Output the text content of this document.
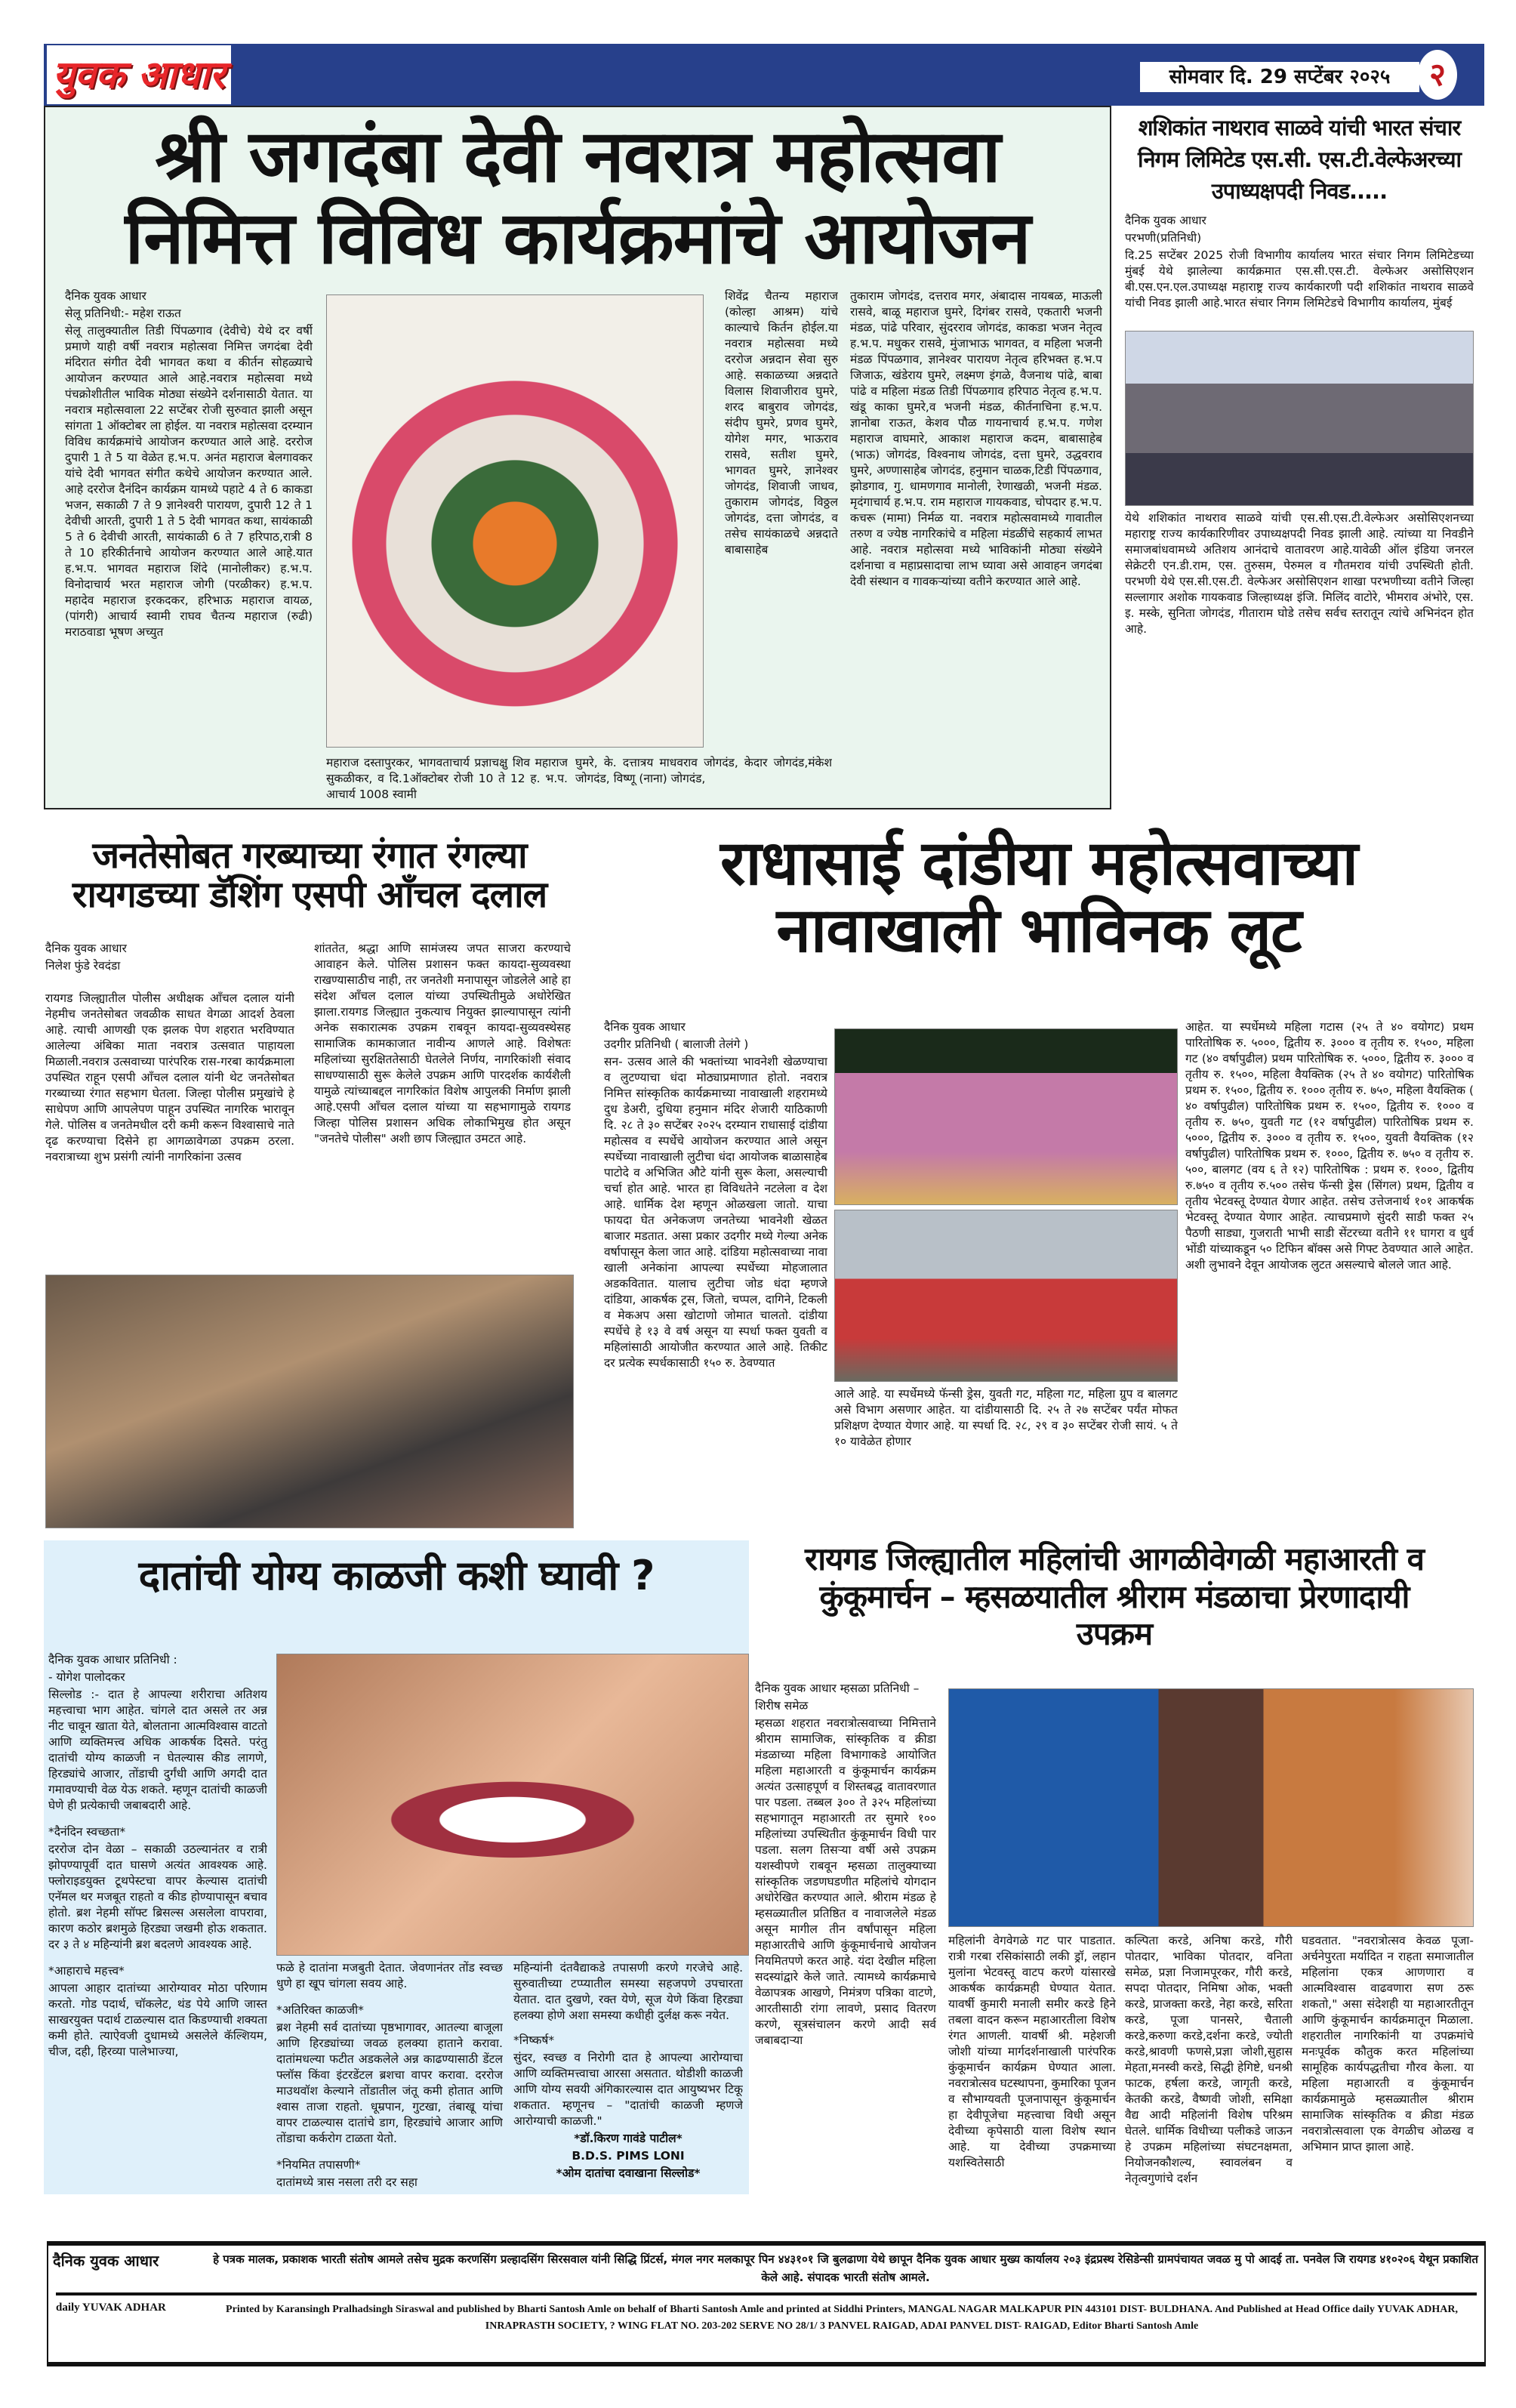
युवक आधार	सोमवार दि. 29 सप्टेंबर २०२५	२
श्री जगदंबा देवी नवरात्र महोत्सवा
निमित्त विविध कार्यक्रमांचे आयोजन

दैनिक युवक आधार

सेलू प्रतिनिधी:- महेश राऊत

सेलू तालुक्यातील तिडी पिंपळगाव (देवीचे) येथे दर वर्षी प्रमाणे याही वर्षी नवरात्र महोत्सवा निमित्त जगदंबा देवी मंदिरात संगीत देवी भागवत कथा व कीर्तन सोहळ्याचे आयोजन करण्यात आले आहे.नवरात्र महोत्सवा मध्ये पंचक्रोशीतील भाविक मोठ्या संख्येने दर्शनासाठी येतात. या नवरात्र महोत्सवाला 22 सप्टेंबर रोजी सुरुवात झाली असून सांगता 1 ऑक्टोबर ला होईल. या नवरात्र महोत्सवा दरम्यान विविध कार्यक्रमांचे आयोजन करण्यात आले आहे. दररोज दुपारी 1 ते 5 या वेळेत ह.भ.प. अनंत महाराज बेलगावकर यांचे देवी भागवत संगीत कथेचे आयोजन करण्यात आले. आहे दररोज दैनंदिन कार्यक्रम यामध्ये पहाटे 4 ते 6 काकडा भजन, सकाळी 7 ते 9 ज्ञानेश्वरी पारायण, दुपारी 12 ते 1 देवीची आरती, दुपारी 1 ते 5 देवी भागवत कथा, सायंकाळी 5 ते 6 देवीची आरती, सायंकाळी 6 ते 7 हरिपाठ,रात्री 8 ते 10 हरिकीर्तनाचे आयोजन करण्यात आले आहे.यात ह.भ.प. भागवत महाराज शिंदे (मानोलीकर) ह.भ.प. विनोदाचार्य भरत महाराज जोगी (परळीकर) ह.भ.प. महादेव महाराज इरकदकर, हरिभाऊ महाराज वायळ, (पांगरी) आचार्य स्वामी राघव चैतन्य महाराज (रुढी) मराठवाडा भूषण अच्युत

महाराज दस्तापुरकर, भागवताचार्य प्रज्ञाचक्षु शिव महाराज सुकळीकर, व दि.1ऑक्टोबर रोजी 10 ते 12 ह. भ.प. आचार्य 1008 स्वामी
घुमरे, के. दत्तात्रय माधवराव जोगदंड, केदार जोगदंड,मंकेश जोगदंड, विष्णू (नाना) जोगदंड,
शिवेंद्र चैतन्य महाराज (कोल्हा आश्रम) यांचे काल्याचे किर्तन होईल.या नवरात्र महोत्सवा मध्ये दररोज अन्नदान सेवा सुरु आहे. सकाळच्या अन्नदाते विलास शिवाजीराव घुमरे, शरद बाबुराव जोगदंड, संदीप घुमरे, प्रणव घुमरे, योगेश मगर, भाऊराव रासवे, सतीश घुमरे, भागवत घुमरे, ज्ञानेश्वर जोगदंड, शिवाजी जाधव, तुकाराम जोगदंड, विठ्ठल जोगदंड, दत्ता जोगदंड, व तसेच सायंकाळचे अन्नदाते बाबासाहेब
तुकाराम जोगदंड, दत्तराव मगर, अंबादास नायबळ, माऊली रासवे, बाळू महाराज घुमरे, दिगंबर रासवे, एकतारी भजनी मंडळ, पांढे परिवार, सुंदरराव जोगदंड, काकडा भजन नेतृत्व ह.भ.प. मधुकर रासवे, मुंजाभाऊ भागवत, व महिला भजनी मंडळ पिंपळगाव, ज्ञानेश्वर पारायण नेतृत्व हरिभक्त ह.भ.प जिजाऊ, खंडेराय घुमरे, लक्ष्मण इंगळे, वैजनाथ पांढे, बाबा पांढे व महिला मंडळ तिडी पिंपळगाव हरिपाठ नेतृत्व ह.भ.प. खंडू काका घुमरे,व भजनी मंडळ, कीर्तनाचिना ह.भ.प. ज्ञानोबा राऊत, केशव पौळ गायनाचार्य ह.भ.प. गणेश महाराज वाघमारे, आकाश महाराज कदम, बाबासाहेब (भाऊ) जोगदंड, विश्वनाथ जोगदंड, दत्ता घुमरे, उद्धवराव घुमरे, अण्णासाहेब जोगदंड, हनुमान चाळक,टिडी पिंपळगाव, झोडगाव, गु. धामणगाव मानोली, रेणाखळी, भजनी मंडळ. मृदंगाचार्य ह.भ.प. राम महाराज गायकवाड, चोपदार ह.भ.प. कचरू (मामा) निर्मळ या. नवरात्र महोत्सवामध्ये गावातील तरुण व ज्येष्ठ नागरिकांचे व महिला मंडळींचे सहकार्य लाभत आहे. नवरात्र महोत्सवा मध्ये भाविकांनी मोठ्या संख्येने दर्शनाचा व महाप्रसादाचा लाभ घ्यावा असे आवाहन जगदंबा देवी संस्थान व गावकऱ्यांच्या वतीने करण्यात आले आहे.
शशिकांत नाथराव साळवे यांची भारत संचार निगम लिमिटेड एस.सी. एस.टी.वेल्फेअरच्या उपाध्यक्षपदी निवड.....

दैनिक युवक आधार

परभणी(प्रतिनिधी)

दि.25 सप्टेंबर 2025 रोजी विभागीय कार्यालय भारत संचार निगम लिमिटेडच्या मुंबई येथे झालेल्या कार्यक्रमात एस.सी.एस.टी. वेल्फेअर असोसिएशन बी.एस.एन.एल.उपाध्यक्ष महाराष्ट्र राज्य कार्यकारणी पदी शशिकांत नाथराव साळवे यांची निवड झाली आहे.भारत संचार निगम लिमिटेडचे विभागीय कार्यालय, मुंबई

येथे शशिकांत नाथराव साळवे यांची एस.सी.एस.टी.वेल्फेअर असोसिएशनच्या महाराष्ट्र राज्य कार्यकारिणीवर उपाध्यक्षपदी निवड झाली आहे. त्यांच्या या निवडीने समाजबांधवामध्ये अतिशय आनंदाचे वातावरण आहे.यावेळी ऑल इंडिया जनरल सेक्रेटरी एन.डी.राम, एस. तुरुसम, पेरुमल व गौतमराव यांची उपस्थिती होती. परभणी येथे एस.सी.एस.टी. वेल्फेअर असोसिएशन शाखा परभणीच्या वतीने जिल्हा सल्लागार अशोक गायकवाड जिल्हाध्यक्ष इंजि. मिलिंद वाटोरे, भीमराव अंभोरे, एस. इ. मस्के, सुनिता जोगदंड, गीताराम घोडे तसेच सर्वच स्तरातून त्यांचे अभिनंदन होत आहे.
जनतेसोबत गरब्याच्या रंगात रंगल्या
रायगडच्या डॅशिंग एसपी आँचल दलाल

दैनिक युवक आधार

निलेश फुंडे रेवदंडा

रायगड जिल्ह्यातील पोलीस अधीक्षक आँचल दलाल यांनी नेहमीच जनतेसोबत जवळीक साधत वेगळा आदर्श ठेवला आहे. त्याची आणखी एक झलक पेण शहरात भरविण्यात आलेल्या अंबिका माता नवरात्र उत्सवात पाहायला मिळाली.नवरात्र उत्सवाच्या पारंपरिक रास-गरबा कार्यक्रमाला उपस्थित राहून एसपी आँचल दलाल यांनी थेट जनतेसोबत गरब्याच्या रंगात सहभाग घेतला. जिल्हा पोलीस प्रमुखांचे हे साधेपण आणि आपलेपण पाहून उपस्थित नागरिक भारावून गेले. पोलिस व जनतेमधील दरी कमी करून विश्वासाचे नाते दृढ करण्याचा दिसेने हा आगळावेगळा उपक्रम ठरला. नवरात्राच्या शुभ प्रसंगी त्यांनी नागरिकांना उत्सव

शांततेत, श्रद्धा आणि सामंजस्य जपत साजरा करण्याचे आवाहन केले. पोलिस प्रशासन फक्त कायदा-सुव्यवस्था राखण्यासाठीच नाही, तर जनतेशी मनापासून जोडलेले आहे हा संदेश आँचल दलाल यांच्या उपस्थितीमुळे अधोरेखित झाला.रायगड जिल्ह्यात नुकत्याच नियुक्त झाल्यापासून त्यांनी अनेक सकारात्मक उपक्रम राबवून कायदा-सुव्यवस्थेसह सामाजिक कामकाजात नावीन्य आणले आहे. विशेषतः महिलांच्या सुरक्षिततेसाठी घेतलेले निर्णय, नागरिकांशी संवाद साधण्यासाठी सुरू केलेले उपक्रम आणि पारदर्शक कार्यशैली यामुळे त्यांच्याबद्दल नागरिकांत विशेष आपुलकी निर्माण झाली आहे.एसपी आँचल दलाल यांच्या या सहभागामुळे रायगड जिल्हा पोलिस प्रशासन अधिक लोकाभिमुख होत असून "जनतेचे पोलीस" अशी छाप जिल्ह्यात उमटत आहे.
राधासाई दांडीया महोत्सवाच्या
नावाखाली भाविनक लूट

दैनिक युवक आधार

उदगीर प्रतिनिधी ( बालाजी तेलंगे )

सन- उत्सव आले की भक्तांच्या भावनेशी खेळण्याचा व लुटण्याचा धंदा मोठ्याप्रमाणात होतो. नवरात्र निमित्त सांस्कृतिक कार्यक्रमाच्या नावाखाली शहरामध्ये दुध डेअरी, दुधिया हनुमान मंदिर शेजारी याठिकाणी दि. २८ ते ३० सप्टेंबर २०२५ दरम्यान राधासाई दांडीया महोत्सव व स्पर्धेचे आयोजन करण्यात आले असून स्पर्धेच्या नावाखाली लुटीचा धंदा आयोजक बाळासाहेब पाटोदे व अभिजित औटे यांनी सुरू केला, असल्याची चर्चा होत आहे. भारत हा विविधतेने नटलेला व देश आहे. धार्मिक देश म्हणून ओळखला जातो. याचा फायदा घेत अनेकजण जनतेच्या भावनेशी खेळत बाजार मडतात. असा प्रकार उदगीर मध्ये गेल्या अनेक वर्षापासून केला जात आहे. दांडिया महोत्सवाच्या नावा खाली अनेकांना आपल्या स्पर्धेच्या मोहजालात अडकवितात. यालाच लुटीचा जोड धंदा म्हणजे दांडिया, आकर्षक ट्रस, जितो, चप्पल, दागिने, टिकली व मेकअप असा खोटाणो जोमात चालतो. दांडीया स्पर्धेचे हे १३ वे वर्ष असून या स्पर्धा फक्त युवती व महिलांसाठी आयोजीत करण्यात आले आहे. तिकीट दर प्रत्येक स्पर्धकासाठी १५० रु. ठेवण्यात

आले आहे. या स्पर्धेमध्ये फॅन्सी ड्रेस, युवती गट, महिला गट, महिला ग्रुप व बालगट असे विभाग असणार आहेत. या दांडीयासाठी दि. २५ ते २७ सप्टेंबर पर्यंत मोफत प्रशिक्षण देण्यात येणार आहे. या स्पर्धा दि. २८, २९ व ३० सप्टेंबर रोजी सायं. ५ ते १० यावेळेत होणार
आहेत. या स्पर्धेमध्ये महिला गटास (२५ ते ४० वयोगट) प्रथम पारितोषिक रु. ५०००, द्वितीय रु. ३००० व तृतीय रु. १५००, महिला गट (४० वर्षापुढील) प्रथम पारितोषिक रु. ५०००, द्वितीय रु. ३००० व तृतीय रु. १५००, महिला वैयक्तिक (२५ ते ४० वयोगट) पारितोषिक प्रथम रु. १५००, द्वितीय रु. १००० तृतीय रु. ७५०, महिला वैयक्तिक ( ४० वर्षापुढील) पारितोषिक प्रथम रु. १५००, द्वितीय रु. १००० व तृतीय रु. ७५०, युवती गट (१२ वर्षापुढील) पारितोषिक प्रथम रु. ५०००, द्वितीय रु. ३००० व तृतीय रु. १५००, युवती वैयक्तिक (१२ वर्षापुढील) पारितोषिक प्रथम रु. १०००, द्वितीय रु. ७५० व तृतीय रु. ५००, बालगट (वय ६ ते १२) पारितोषिक : प्रथम रु. १०००, द्वितीय रु.७५० व तृतीय रु.५०० तसेच फॅन्सी ड्रेस (सिंगल) प्रथम, द्वितीय व तृतीय भेटवस्तू देण्यात येणार आहेत. तसेच उत्तेजनार्थ १०१ आकर्षक भेटवस्तू देण्यात येणार आहेत. त्याचप्रमाणे सुंदरी साडी फक्त २५ पैठणी साड्या, गुजराती भाभी साडी सेंटरच्या वतीने ११ घागरा व धुर्व भोंडी यांच्याकडून ५० टिफिन बॉक्स असे गिफ्ट ठेवण्यात आले आहेत. अशी लुभावने देवून आयोजक लुटत असल्याचे बोलले जात आहे.
दातांची योग्य काळजी कशी घ्यावी ?

दैनिक युवक आधार प्रतिनिधी :

- योगेश पालोदकर

सिल्लोड :- दात हे आपल्या शरीराचा अतिशय महत्त्वाचा भाग आहेत. चांगले दात असले तर अन्न नीट चावून खाता येते, बोलताना आत्मविश्वास वाटतो आणि व्यक्तिमत्त्व अधिक आकर्षक दिसते. परंतु दातांची योग्य काळजी न घेतल्यास कीड लागणे, हिरड्यांचे आजार, तोंडाची दुर्गंधी आणि अगदी दात गमावण्याची वेळ येऊ शकते. म्हणून दातांची काळजी घेणे ही प्रत्येकाची जबाबदारी आहे.

*दैनंदिन स्वच्छता*

दररोज दोन वेळा – सकाळी उठल्यानंतर व रात्री झोपण्यापूर्वी दात घासणे अत्यंत आवश्यक आहे. फ्लोराइडयुक्त टूथपेस्टचा वापर केल्यास दातांची एनॅमल थर मजबूत राहतो व कीड होण्यापासून बचाव होतो. ब्रश नेहमी सॉफ्ट ब्रिसल्स असलेला वापरावा, कारण कठोर ब्रशमुळे हिरड्या जखमी होऊ शकतात. दर ३ ते ४ महिन्यांनी ब्रश बदलणे आवश्यक आहे.

*आहाराचे महत्त्व*

आपला आहार दातांच्या आरोग्यावर मोठा परिणाम करतो. गोड पदार्थ, चॉकलेट, थंड पेये आणि जास्त साखरयुक्त पदार्थ टाळल्यास दात किडण्याची शक्यता कमी होते. त्याऐवजी दुधामध्ये असलेले कॅल्शियम, चीज, दही, हिरव्या पालेभाज्या,

फळे हे दातांना मजबुती देतात. जेवणानंतर तोंड स्वच्छ धुणे हा खूप चांगला सवय आहे.

*अतिरिक्त काळजी*

ब्रश नेहमी सर्व दातांच्या पृष्ठभागावर, आतल्या बाजूला आणि हिरड्यांच्या जवळ हलक्या हाताने करावा. दातांमधल्या फटीत अडकलेले अन्न काढण्यासाठी डेंटल फ्लॉस किंवा इंटरडेंटल ब्रशचा वापर करावा. दररोज माउथवॉश केल्याने तोंडातील जंतू कमी होतात आणि श्वास ताजा राहतो. धूम्रपान, गुटखा, तंबाखू यांचा वापर टाळल्यास दातांचे डाग, हिरड्यांचे आजार आणि तोंडाचा कर्करोग टाळता येतो.

*नियमित तपासणी*

दातांमध्ये त्रास नसला तरी दर सहा

महिन्यांनी दंतवैद्याकडे तपासणी करणे गरजेचे आहे. सुरुवातीच्या टप्प्यातील समस्या सहजपणे उपचारता येतात. दात दुखणे, रक्त येणे, सूज येणे किंवा हिरड्या हलक्या होणे अशा समस्या कधीही दुर्लक्ष करू नयेत.

*निष्कर्ष*

सुंदर, स्वच्छ व निरोगी दात हे आपल्या आरोग्याचा आणि व्यक्तिमत्त्वाचा आरसा असतात. थोडीशी काळजी आणि योग्य सवयी अंगिकारल्यास दात आयुष्यभर टिकू शकतात. म्हणूनच – "दातांची काळजी म्हणजे आरोग्याची काळजी."

*डॉ.किरण गावंडे पाटील*

B.D.S. PIMS LONI

*ओम दातांचा दवाखाना सिल्लोड*

रायगड जिल्ह्यातील महिलांची आगळीवेगळी महाआरती व कुंकूमार्चन – म्हसळयातील श्रीराम मंडळाचा प्रेरणादायी उपक्रम

दैनिक युवक आधार म्हसळा प्रतिनिधी –

शिरीष समेळ

म्हसळा शहरात नवरात्रोत्सवाच्या निमित्ताने श्रीराम सामाजिक, सांस्कृतिक व क्रीडा मंडळाच्या महिला विभागाकडे आयोजित महिला महाआरती व कुंकूमार्चन कार्यक्रम अत्यंत उत्साहपूर्ण व शिस्तबद्ध वातावरणात पार पडला. तब्बल ३०० ते ३२५ महिलांच्या सहभागातून महाआरती तर सुमारे १०० महिलांच्या उपस्थितीत कुंकूमार्चन विधी पार पडला. सलग तिसऱ्या वर्षी असे उपक्रम यशस्वीपणे राबवून म्हसळा तालुक्याच्या सांस्कृतिक जडणघडणीत महिलांचे योगदान अधोरेखित करण्यात आले. श्रीराम मंडळ हे म्हसळ्यातील प्रतिष्ठित व नावाजलेले मंडळ असून मागील तीन वर्षांपासून महिला महाआरतीचे आणि कुंकूमार्चनाचे आयोजन नियमितपणे करत आहे. यंदा देखील महिला सदस्यांद्वारे केले जाते. त्यामध्ये कार्यक्रमाचे वेळापत्रक आखणे, निमंत्रण पत्रिका वाटणे, आरतीसाठी रांगा लावणे, प्रसाद वितरण करणे, सूत्रसंचालन करणे आदी सर्व जबाबदाऱ्या

महिलांनी वेगवेगळे गट पार पाडतात. रात्री गरबा रसिकांसाठी लकी ड्रॉ, लहान मुलांना भेटवस्तू वाटप करणे यांसारखे आकर्षक कार्यक्रमही घेण्यात येतात. यावर्षी कुमारी मनाली समीर करडे हिने तबला वादन करून महाआरतीला विशेष रंगत आणली. यावर्षी श्री. महेशजी जोशी यांच्या मार्गदर्शनाखाली पारंपरिक कुंकूमार्चन कार्यक्रम घेण्यात आला. नवरात्रोत्सव घटस्थापना, कुमारिका पूजन व सौभाग्यवती पूजनापासून कुंकूमार्चन हा देवीपूजेचा महत्त्वाचा विधी असून देवीच्या कृपेसाठी याला विशेष स्थान आहे. या देवीच्या उपक्रमाच्या यशस्वितेसाठी
कल्पिता करडे, अनिषा करडे, गौरी पोतदार, भाविका पोतदार, वनिता समेळ, प्रज्ञा निजामपूरकर, गौरी करडे, सपदा पोतदार, निमिषा ओक, भक्ती करडे, प्राजक्ता करडे, नेहा करडे, सरिता करडे, पूजा पानसरे, चैताली करडे,करुणा करडे,दर्शना करडे, ज्योती करडे,श्रावणी फणसे,प्रज्ञा जोशी,सुहास मेहता,मनस्वी करडे, सिद्धी हेगिष्टे, धनश्री फाटक, हर्षला करडे, जागृती करडे, केतकी करडे, वैष्णवी जोशी, समिक्षा वैद्य आदी महिलांनी विशेष परिश्रम घेतले. धार्मिक विधीच्या पलीकडे जाऊन हे उपक्रम महिलांच्या संघटनक्षमता, नियोजनकौशल्य, स्वावलंबन व नेतृत्वगुणांचे दर्शन
घडवतात. "नवरात्रोत्सव केवळ पूजा-अर्चनेपुरता मर्यादित न राहता समाजातील महिलांना एकत्र आणणारा व आत्मविश्वास वाढवणारा सण ठरू शकतो," असा संदेशही या महाआरतीतून आणि कुंकूमार्चन कार्यक्रमातून मिळाला. शहरातील नागरिकांनी या उपक्रमांचे मनःपूर्वक कौतुक करत महिलांच्या सामूहिक कार्यपद्धतीचा गौरव केला. या महिला महाआरती व कुंकूमार्चन कार्यक्रमामुळे म्हसळ्यातील श्रीराम सामाजिक सांस्कृतिक व क्रीडा मंडळ नवरात्रोत्सवाला एक वेगळीच ओळख व अभिमान प्राप्त झाला आहे.
दैनिक युवक आधार	हे पत्रक मालक, प्रकाशक भारती संतोष आमले तसेच मुद्रक करणसिंग प्रल्हादसिंग सिरसवाल यांनी सिद्धि प्रिंटर्स, मंगल नगर मलकापूर पिन ४४३१०१ जि बुलढाणा येथे छापून दैनिक युवक आधार मुख्य कार्यालय २०३ इंद्रप्रस्थ रेसिडेन्सी ग्रामपंचायत जवळ मु पो आदई ता. पनवेल जि रायगड ४१०२०६ येथून प्रकाशित केले आहे. संपादक भारती संतोष आमले.
daily YUVAK ADHAR	Printed by Karansingh Pralhadsingh Siraswal and published by Bharti Santosh Amle on behalf of Bharti Santosh Amle and printed at Siddhi Printers, MANGAL NAGAR MALKAPUR PIN 443101 DIST- BULDHANA. And Published at Head Office daily YUVAK ADHAR, INRAPRASTH SOCIETY, ? WING FLAT NO. 203-202 SERVE NO 28/1/ 3 PANVEL RAIGAD, ADAI PANVEL DIST- RAIGAD, Editor Bharti Santosh Amle
